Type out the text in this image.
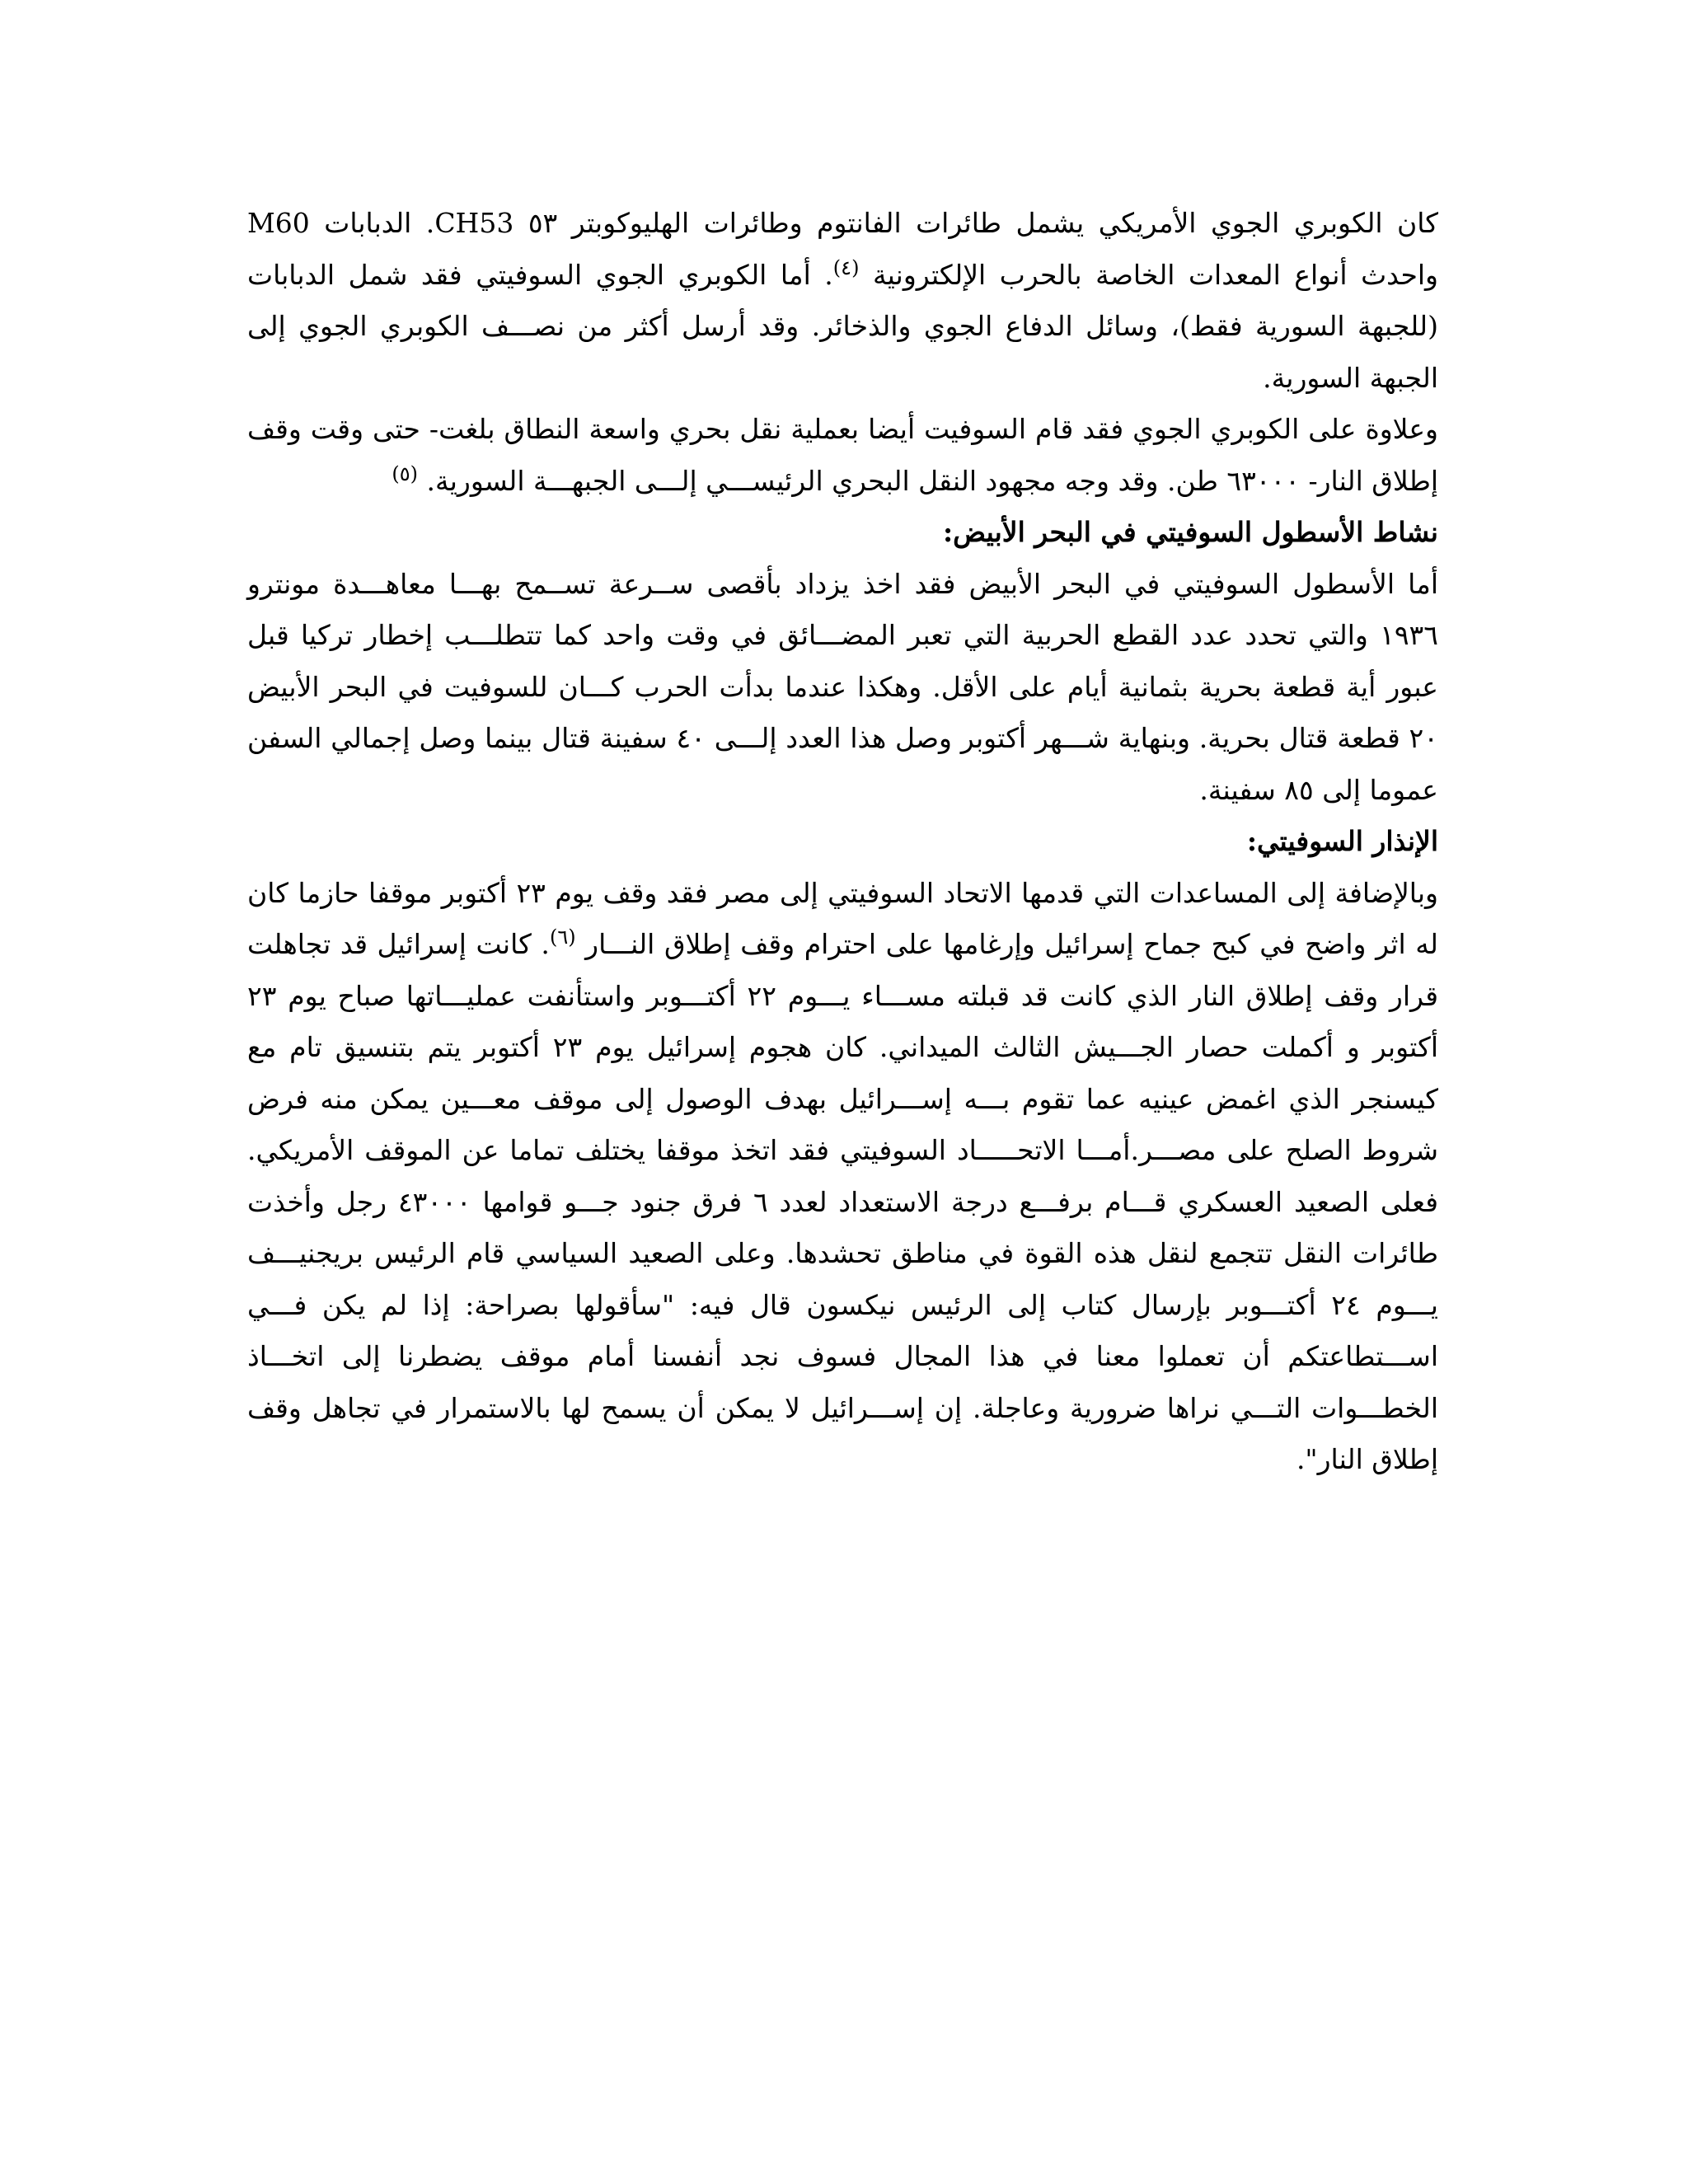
كان الكوبري الجوي الأمريكي يشمل طائرات الفانتوم وطائرات الهليوكوبتر ٥٣ CH53. الدبابات M60 واحدث أنواع المعدات الخاصة بالحرب الإلكترونية $^{(٤)}$. أما الكوبري الجوي السوفيتي فقد شمل الدبابات (للجبهة السورية فقط)، وسائل الدفاع الجوي والذخائر. وقد أرسل أكثر من نصـــف الكوبري الجوي إلى الجبهة السورية.

وعلاوة على الكوبري الجوي فقد قام السوفيت أيضا بعملية نقل بحري واسعة النطاق بلغت- حتى وقت وقف إطلاق النار- ٦٣٠٠٠ طن. وقد وجه مجهود النقل البحري الرئيســـي إلـــى الجبهـــة السورية. $^{(٥)}$

نشاط الأسطول السوفيتي في البحر الأبيض:

أما الأسطول السوفيتي في البحر الأبيض فقد اخذ يزداد بأقصى ســرعة تســمح بهـــا معاهـــدة مونترو ١٩٣٦ والتي تحدد عدد القطع الحربية التي تعبر المضـــائق في وقت واحد كما تتطلـــب إخطار تركيا قبل عبور أية قطعة بحرية بثمانية أيام على الأقل. وهكذا عندما بدأت الحرب كـــان للسوفيت في البحر الأبيض ٢٠ قطعة قتال بحرية. وبنهاية شـــهر أكتوبر وصل هذا العدد إلـــى ٤٠ سفينة قتال بينما وصل إجمالي السفن عموما إلى ٨٥ سفينة.

الإنذار السوفيتي:

وبالإضافة إلى المساعدات التي قدمها الاتحاد السوفيتي إلى مصر فقد وقف يوم ٢٣ أكتوبر موقفا حازما كان له اثر واضح في كبح جماح إسرائيل وإرغامها على احترام وقف إطلاق النـــار $^{(٦)}$. كانت إسرائيل قد تجاهلت قرار وقف إطلاق النار الذي كانت قد قبلته مســـاء يـــوم ٢٢ أكتـــوبر واستأنفت عمليـــاتها صباح يوم ٢٣ أكتوبر و أكملت حصار الجـــيش الثالث الميداني. كان هجوم إسرائيل يوم ٢٣ أكتوبر يتم بتنسيق تام مع كيسنجر الذي اغمض عينيه عما تقوم بـــه إســـرائيل بهدف الوصول إلى موقف معـــين يمكن منه فرض شروط الصلح على مصـــر.أمـــا الاتحـــــاد السوفيتي فقد اتخذ موقفا يختلف تماما عن الموقف الأمريكي. فعلى الصعيد العسكري قـــام برفـــع درجة الاستعداد لعدد ٦ فرق جنود جـــو قوامها ٤٣٠٠٠ رجل وأخذت طائرات النقل تتجمع لنقل هذه القوة في مناطق تحشدها. وعلى الصعيد السياسي قام الرئيس بريجنيـــف يـــوم ٢٤ أكتـــوبر بإرسال كتاب إلى الرئيس نيكسون قال فيه: "سأقولها بصراحة: إذا لم يكن فـــي اســـتطاعتكم أن تعملوا معنا في هذا المجال فسوف نجد أنفسنا أمام موقف يضطرنا إلى اتخـــاذ الخطـــوات التـــي نراها ضرورية وعاجلة. إن إســـرائيل لا يمكن أن يسمح لها بالاستمرار في تجاهل وقف إطلاق النار".
